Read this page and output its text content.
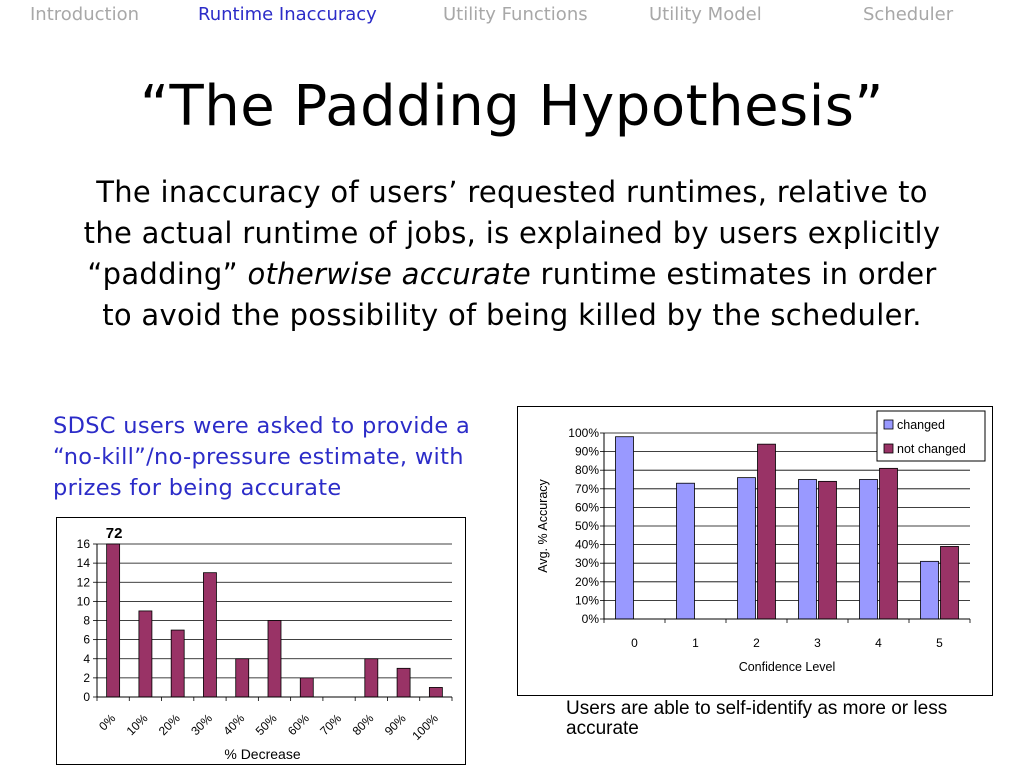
Introduction	Runtime Inaccuracy	Utility Functions	Utility Model	Scheduler
“The Padding Hypothesis”
The inaccuracy of users’ requested runtimes, relative to the actual runtime of jobs, is explained by users explicitly “padding” otherwise accurate runtime estimates in order to avoid the possibility of being killed by the scheduler.
SDSC users were asked to provide a “no-kill”/no-pressure estimate, with prizes for being accurate
0
2
4
6
8
10
12
14
16
0% 10% 20% 30% 40% 50% 60% 70% 80% 90% 100%
72
% Decrease
0%
10%
20%
30%
40%
50%
60%
70%
80%
90%
100%
0	1	2	3	4	5
Confidence Level
Avg. % Accuracy
changed
not changed
Users are able to self-identify as more or less accurate
